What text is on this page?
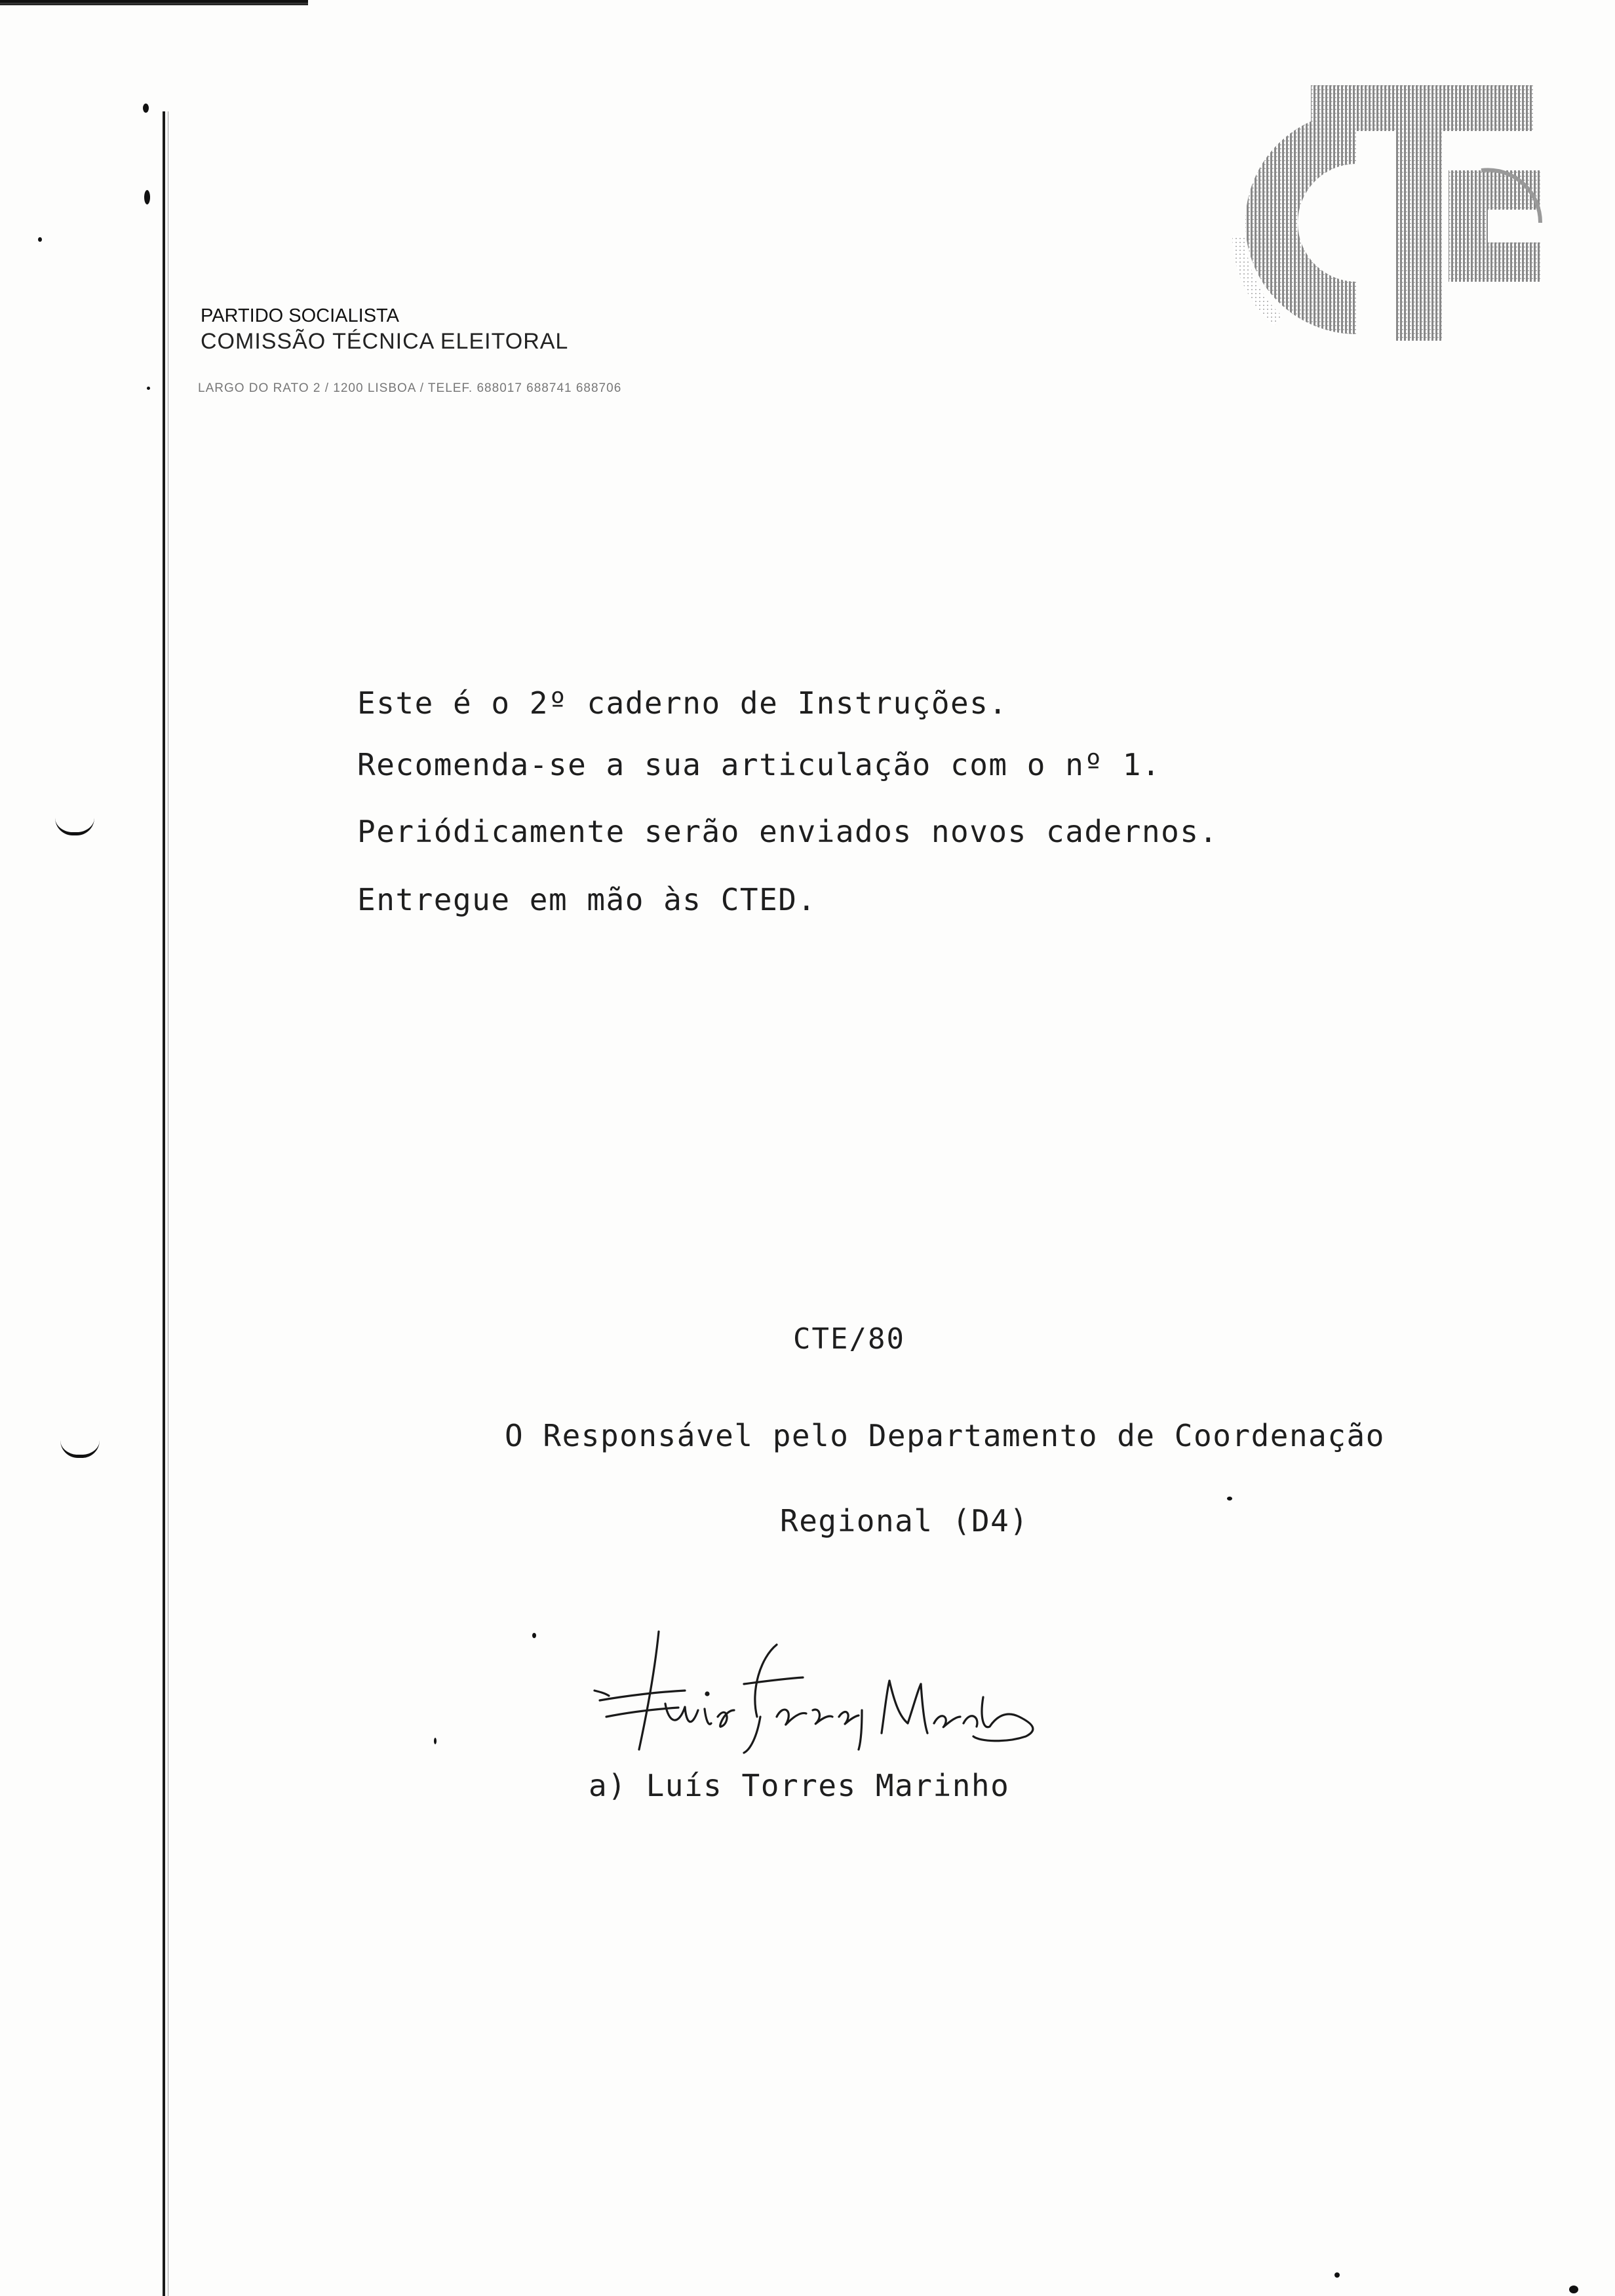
PARTIDO SOCIALISTA
COMISSÃO TÉCNICA ELEITORAL
LARGO DO RATO 2 / 1200 LISBOA / TELEF. 688017 688741 688706
Este é o 2º caderno de Instruções.
Recomenda-se a sua articulação com o nº 1.
Periódicamente serão enviados novos cadernos.
Entregue em mão às CTED.
CTE/80
O Responsável pelo Departamento de Coordenação
Regional (D4)
a) Luís Torres Marinho
